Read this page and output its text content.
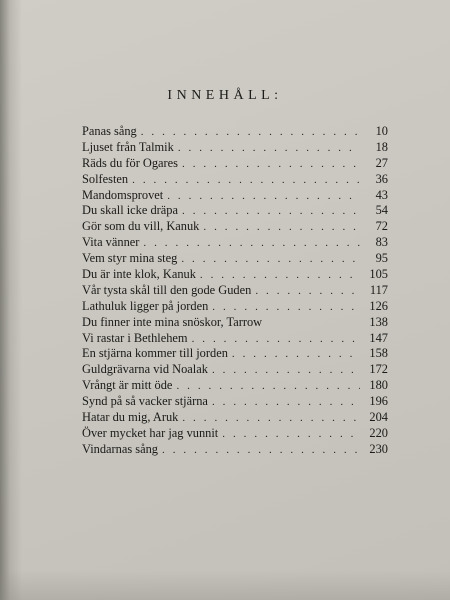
INNEHÅLL:
Panas sång . . .	10
Ljuset från Talmik . . .	18
Räds du för Ogares . . .	27
Solfesten . . .	36
Mandomsprovet . . .	43
Du skall icke dräpa . . .	54
Gör som du vill, Kanuk . . .	72
Vita vänner . . .	83
Vem styr mina steg . . .	95
Du är inte klok, Kanuk . . .	105
Vår tysta skål till den gode Guden . . .	117
Lathuluk ligger på jorden . . .	126
Du finner inte mina snöskor, Tarrow	138
Vi rastar i Bethlehem . . .	147
En stjärna kommer till jorden . . .	158
Guldgrävarna vid Noalak . . .	172
Vrångt är mitt öde . . .	180
Synd på så vacker stjärna . . .	196
Hatar du mig, Aruk . . .	204
Över mycket har jag vunnit . . .	220
Vindarnas sång . . .	230
